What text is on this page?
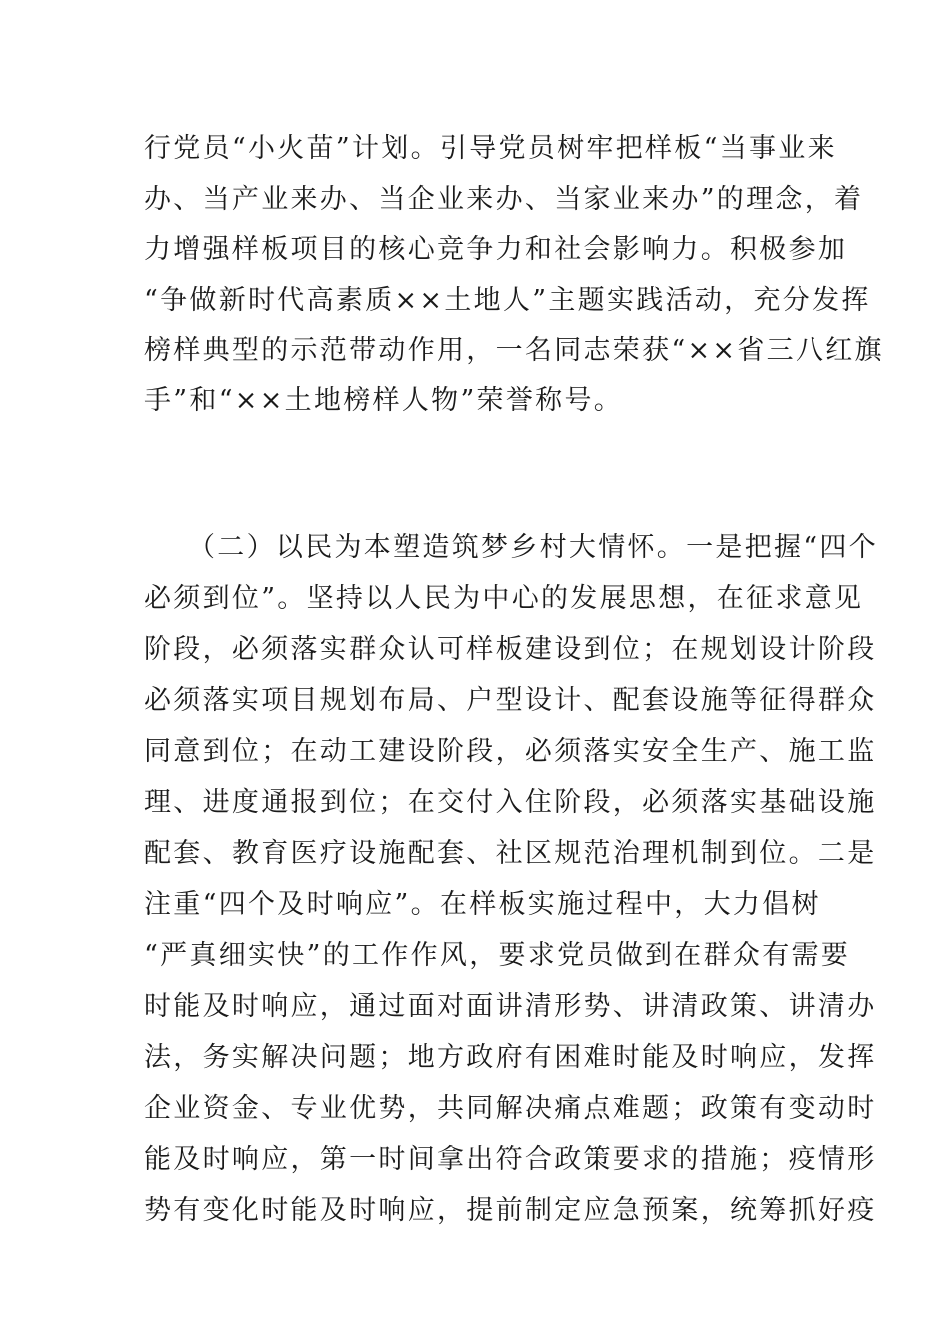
行党员“小火苗”计划。引导党员树牢把样板“当事业来
办、当产业来办、当企业来办、当家业来办”的理念，着
力增强样板项目的核心竞争力和社会影响力。积极参加
“争做新时代高素质××土地人”主题实践活动，充分发挥
榜样典型的示范带动作用，一名同志荣获“××省三八红旗
手”和“××土地榜样人物”荣誉称号。
（二）以民为本塑造筑梦乡村大情怀。一是把握“四个
必须到位”。坚持以人民为中心的发展思想，在征求意见
阶段，必须落实群众认可样板建设到位；在规划设计阶段
必须落实项目规划布局、户型设计、配套设施等征得群众
同意到位；在动工建设阶段，必须落实安全生产、施工监
理、进度通报到位；在交付入住阶段，必须落实基础设施
配套、教育医疗设施配套、社区规范治理机制到位。二是
注重“四个及时响应”。在样板实施过程中，大力倡树
“严真细实快”的工作作风，要求党员做到在群众有需要
时能及时响应，通过面对面讲清形势、讲清政策、讲清办
法，务实解决问题；地方政府有困难时能及时响应，发挥
企业资金、专业优势，共同解决痛点难题；政策有变动时
能及时响应，第一时间拿出符合政策要求的措施；疫情形
势有变化时能及时响应，提前制定应急预案，统筹抓好疫
